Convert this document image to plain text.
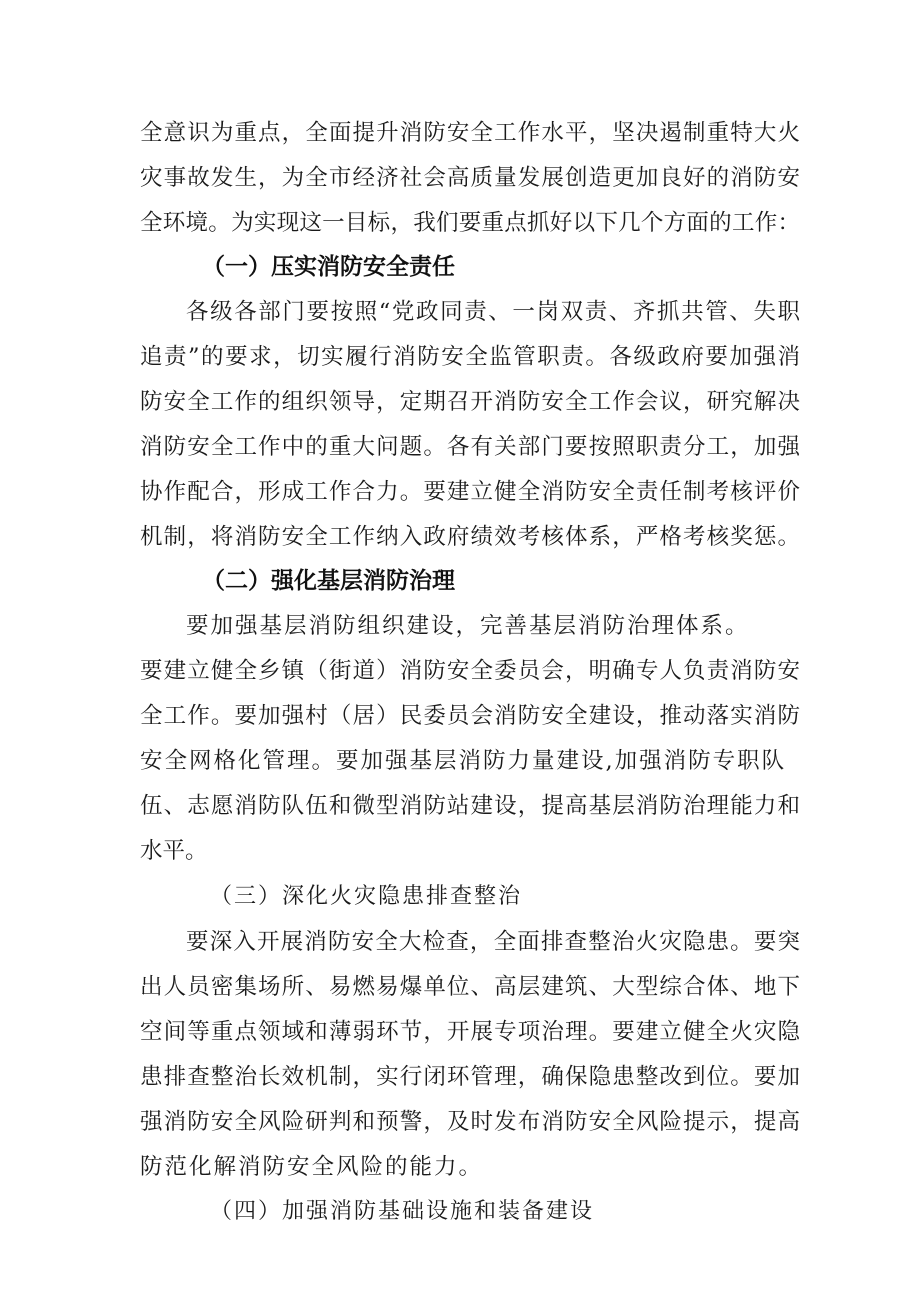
全意识为重点，全面提升消防安全工作水平，坚决遏制重特大火
灾事故发生，为全市经济社会高质量发展创造更加良好的消防安
全环境。为实现这一目标，我们要重点抓好以下几个方面的工作：
（一）压实消防安全责任
各级各部门要按照“党政同责、一岗双责、齐抓共管、失职
追责”的要求，切实履行消防安全监管职责。各级政府要加强消
防安全工作的组织领导，定期召开消防安全工作会议，研究解决
消防安全工作中的重大问题。各有关部门要按照职责分工，加强
协作配合，形成工作合力。要建立健全消防安全责任制考核评价
机制，将消防安全工作纳入政府绩效考核体系，严格考核奖惩。
（二）强化基层消防治理
要加强基层消防组织建设，完善基层消防治理体系。
要建立健全乡镇（街道）消防安全委员会，明确专人负责消防安
全工作。要加强村（居）民委员会消防安全建设，推动落实消防
安全网格化管理。要加强基层消防力量建设,加强消防专职队
伍、志愿消防队伍和微型消防站建设，提高基层消防治理能力和
水平。
（三）深化火灾隐患排查整治
要深入开展消防安全大检查，全面排查整治火灾隐患。要突
出人员密集场所、易燃易爆单位、高层建筑、大型综合体、地下
空间等重点领域和薄弱环节，开展专项治理。要建立健全火灾隐
患排查整治长效机制，实行闭环管理，确保隐患整改到位。要加
强消防安全风险研判和预警，及时发布消防安全风险提示，提高
防范化解消防安全风险的能力。
（四）加强消防基础设施和装备建设
